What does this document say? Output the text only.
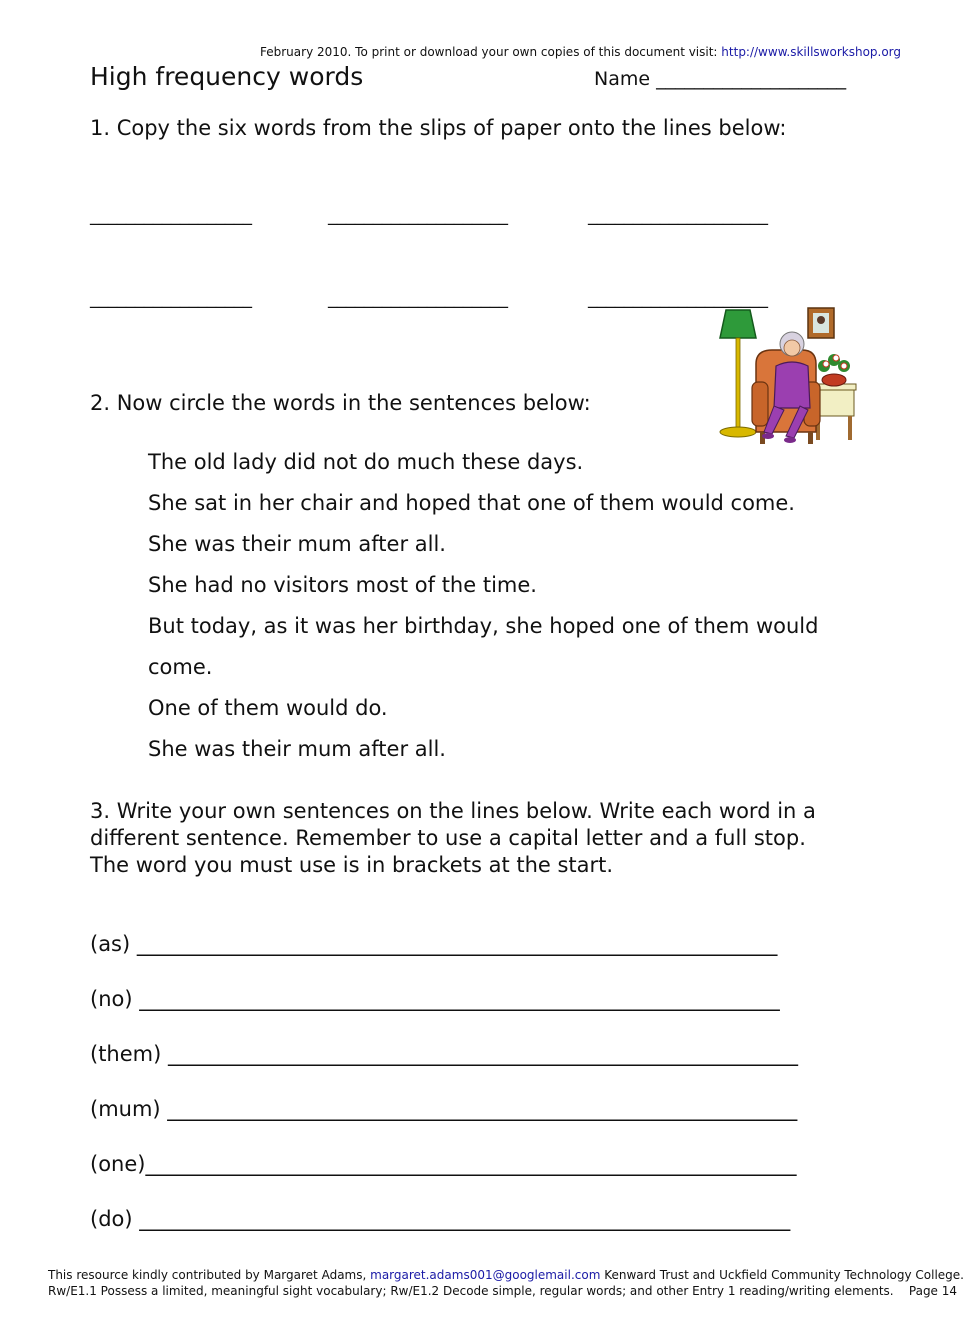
February 2010. To print or download your own copies of this document visit: http://www.skillsworkshop.org
High frequency words	Name ____________________
1. Copy the six words from the slips of paper onto the lines below:
__________________	____________________	____________________
__________________	____________________	____________________
2. Now circle the words in the sentences below:
The old lady did not do much these days.
She sat in her chair and hoped that one of them would come.
She was their mum after all.
She had no visitors most of the time.
But today, as it was her birthday, she hoped one of them would
come.
One of them would do.
She was their mum after all.
3. Write your own sentences on the lines below. Write each word in a different sentence. Remember to use a capital letter and a full stop. The word you must use is in brackets at the start.
(as) _____________________________________________________________
(no) _____________________________________________________________
(them) ____________________________________________________________
(mum) ____________________________________________________________
(one)______________________________________________________________
(do) ______________________________________________________________
This resource kindly contributed by Margaret Adams, margaret.adams001@googlemail.com Kenward Trust and Uckfield Community Technology College.
Rw/E1.1 Possess a limited, meaningful sight vocabulary; Rw/E1.2 Decode simple, regular words; and other Entry 1 reading/writing elements. Page 14
